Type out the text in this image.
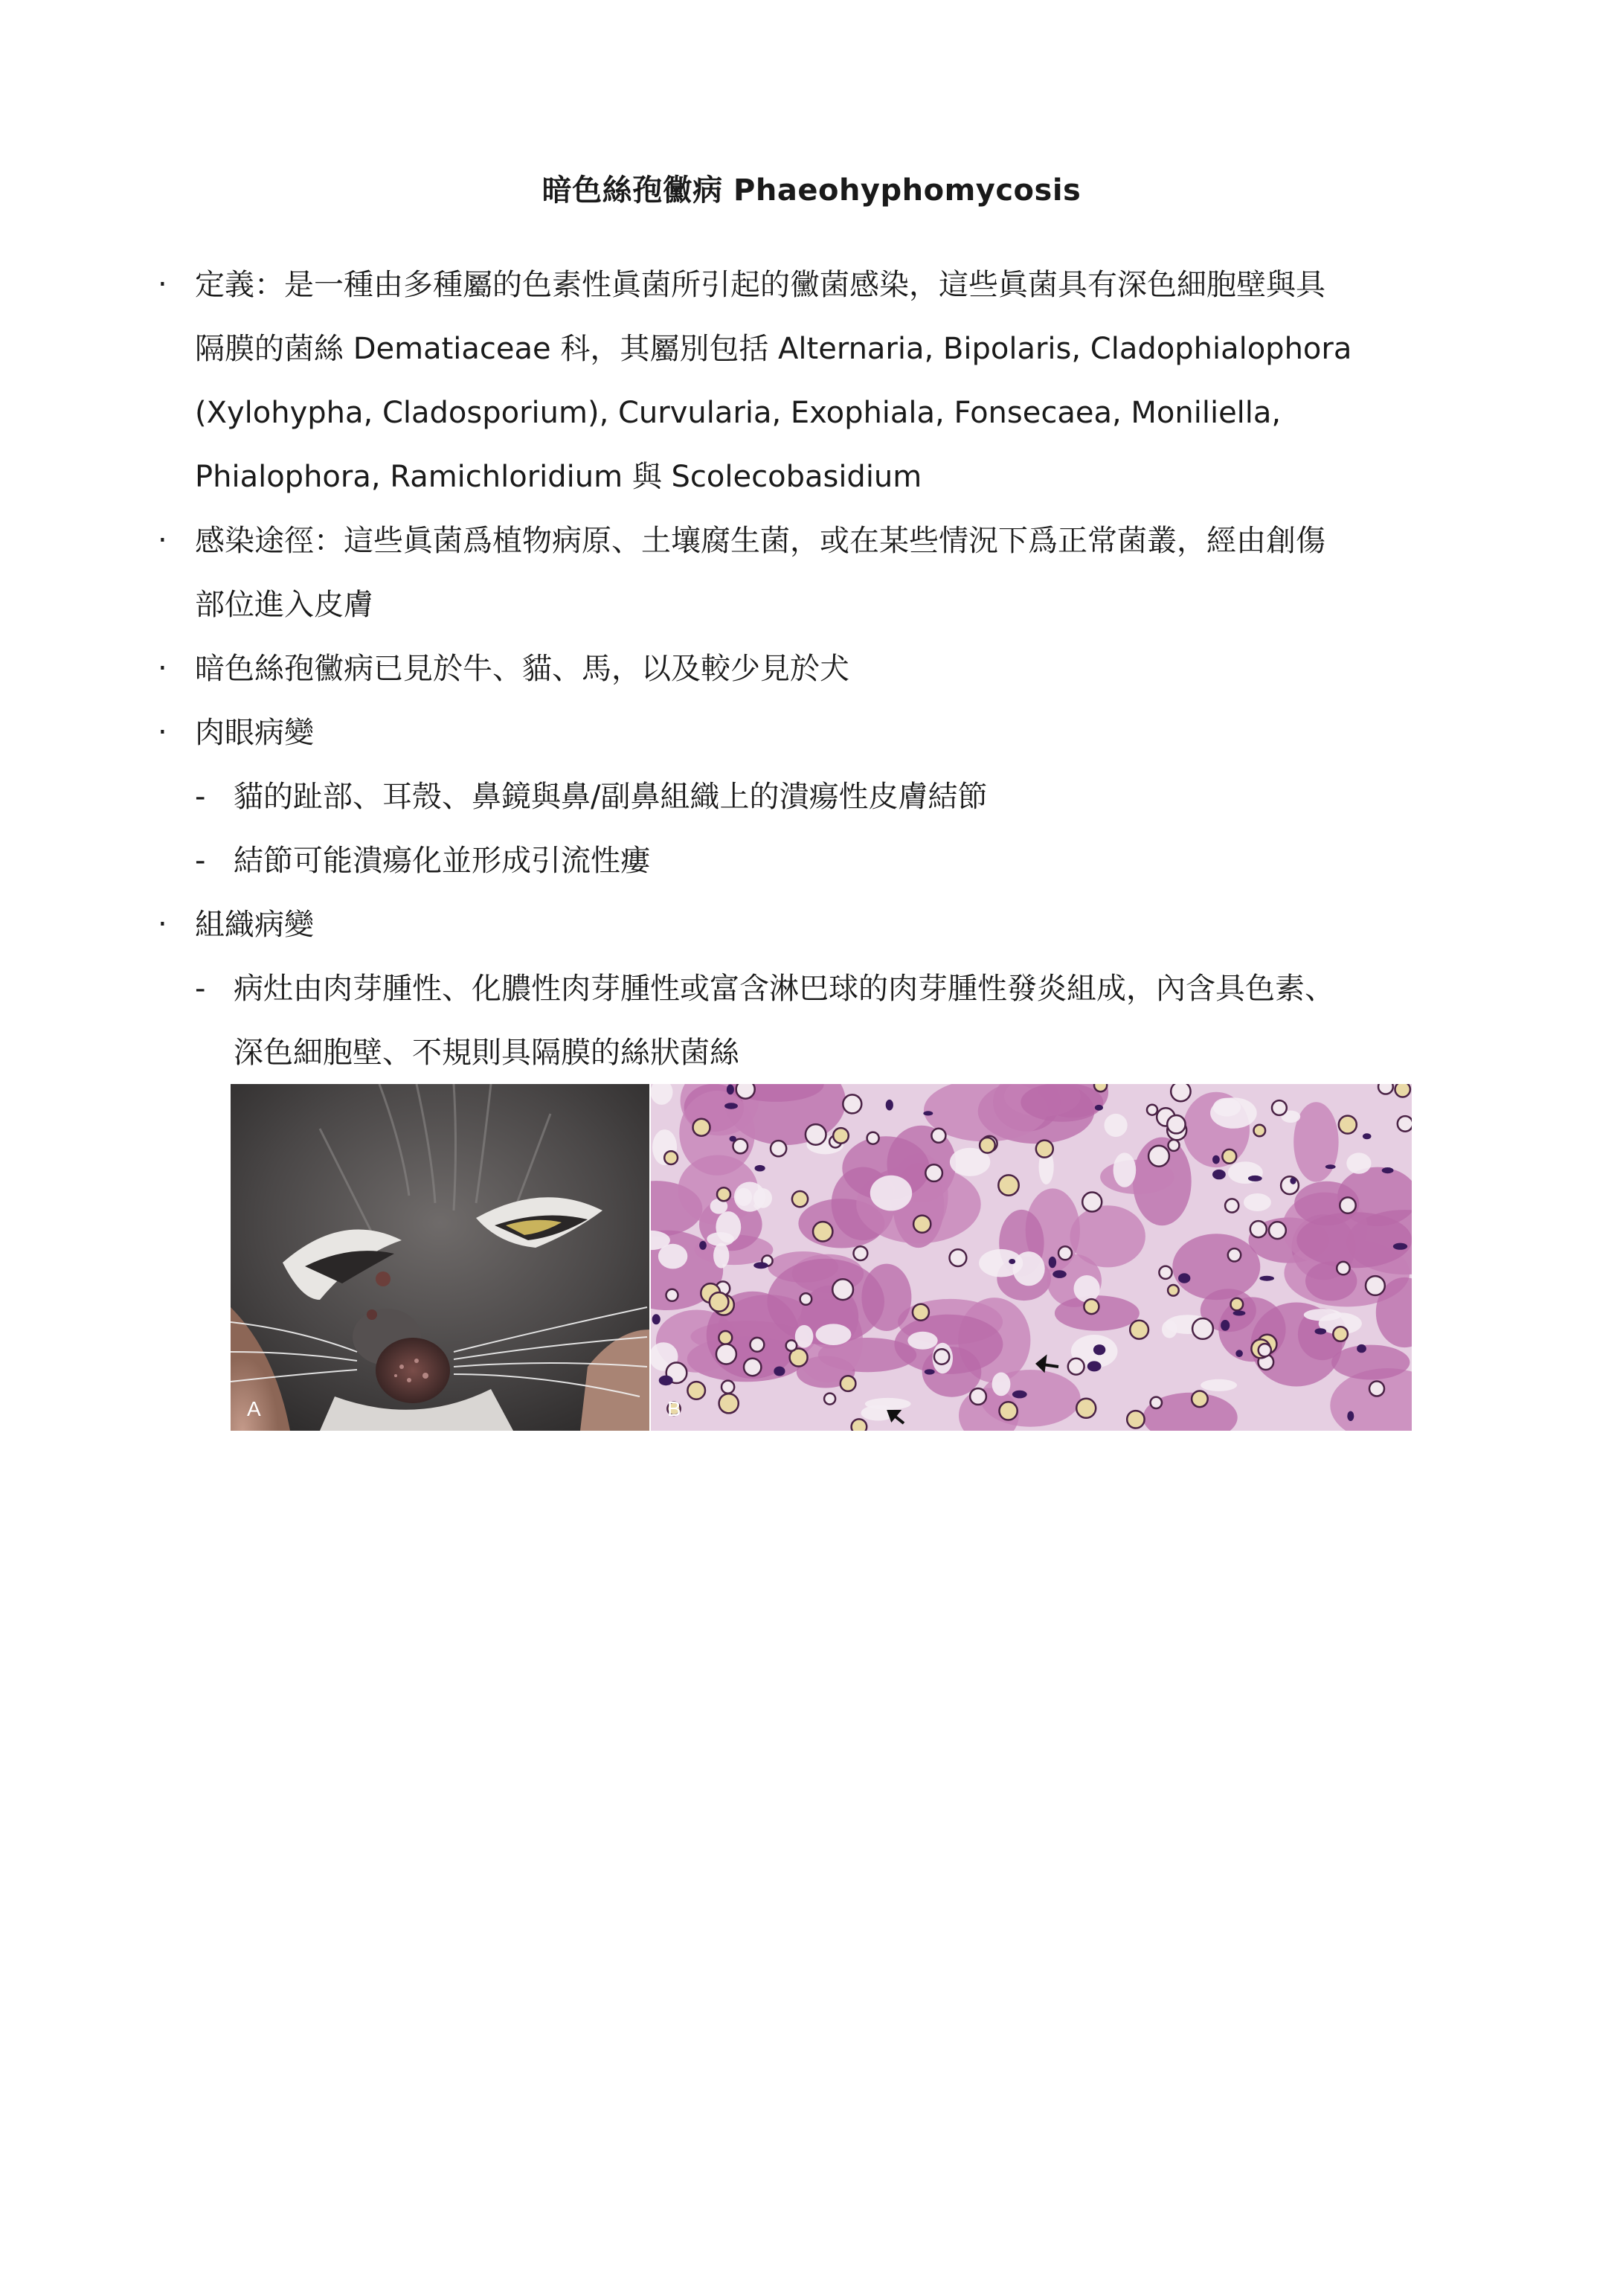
暗色絲孢黴病 Phaeohyphomycosis
‧ 定義：是一種由多種屬的色素性眞菌所引起的黴菌感染，這些眞菌具有深色細胞壁與具
隔膜的菌絲 Dematiaceae 科，其屬別包括 Alternaria, Bipolaris, Cladophialophora
(Xylohypha, Cladosporium), Curvularia, Exophiala, Fonsecaea, Moniliella,
Phialophora, Ramichloridium 與 Scolecobasidium
‧ 感染途徑：這些眞菌爲植物病原、土壤腐生菌，或在某些情況下爲正常菌叢，經由創傷
部位進入皮膚
‧ 暗色絲孢黴病已見於牛、貓、馬，以及較少見於犬
‧ 肉眼病變
- 貓的趾部、耳殼、鼻鏡與鼻/副鼻組織上的潰瘍性皮膚結節
- 結節可能潰瘍化並形成引流性瘻
‧ 組織病變
- 病灶由肉芽腫性、化膿性肉芽腫性或富含淋巴球的肉芽腫性發炎組成，內含具色素、
深色細胞壁、不規則具隔膜的絲狀菌絲
A	B
